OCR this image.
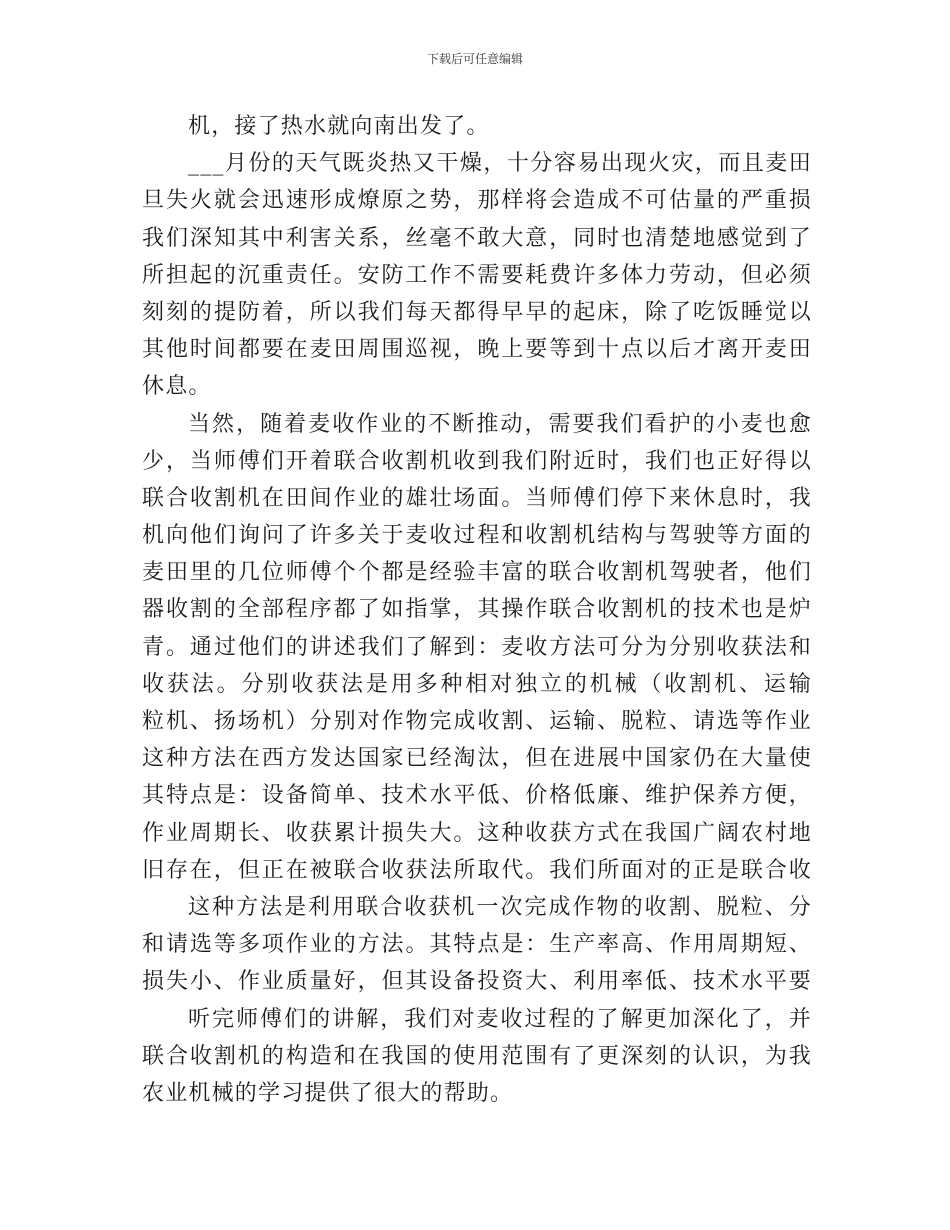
下载后可任意编辑
机，接了热水就向南出发了。
___月份的天气既炎热又干燥，十分容易出现火灾，而且麦田
旦失火就会迅速形成燎原之势，那样将会造成不可估量的严重损
我们深知其中利害关系，丝毫不敢大意，同时也清楚地感觉到了
所担起的沉重责任。安防工作不需要耗费许多体力劳动，但必须
刻刻的提防着，所以我们每天都得早早的起床，除了吃饭睡觉以
其他时间都要在麦田周围巡视，晚上要等到十点以后才离开麦田
休息。
当然，随着麦收作业的不断推动，需要我们看护的小麦也愈
少，当师傅们开着联合收割机收到我们附近时，我们也正好得以
联合收割机在田间作业的雄壮场面。当师傅们停下来休息时，我
机向他们询问了许多关于麦收过程和收割机结构与驾驶等方面的
麦田里的几位师傅个个都是经验丰富的联合收割机驾驶者，他们
器收割的全部程序都了如指掌，其操作联合收割机的技术也是炉
青。通过他们的讲述我们了解到：麦收方法可分为分别收获法和
收获法。分别收获法是用多种相对独立的机械（收割机、运输
粒机、扬场机）分别对作物完成收割、运输、脱粒、请选等作业
这种方法在西方发达国家已经淘汰，但在进展中国家仍在大量使
其特点是：设备简单、技术水平低、价格低廉、维护保养方便，
作业周期长、收获累计损失大。这种收获方式在我国广阔农村地
旧存在，但正在被联合收获法所取代。我们所面对的正是联合收
这种方法是利用联合收获机一次完成作物的收割、脱粒、分
和请选等多项作业的方法。其特点是：生产率高、作用周期短、
损失小、作业质量好，但其设备投资大、利用率低、技术水平要
听完师傅们的讲解，我们对麦收过程的了解更加深化了，并
联合收割机的构造和在我国的使用范围有了更深刻的认识，为我
农业机械的学习提供了很大的帮助。
